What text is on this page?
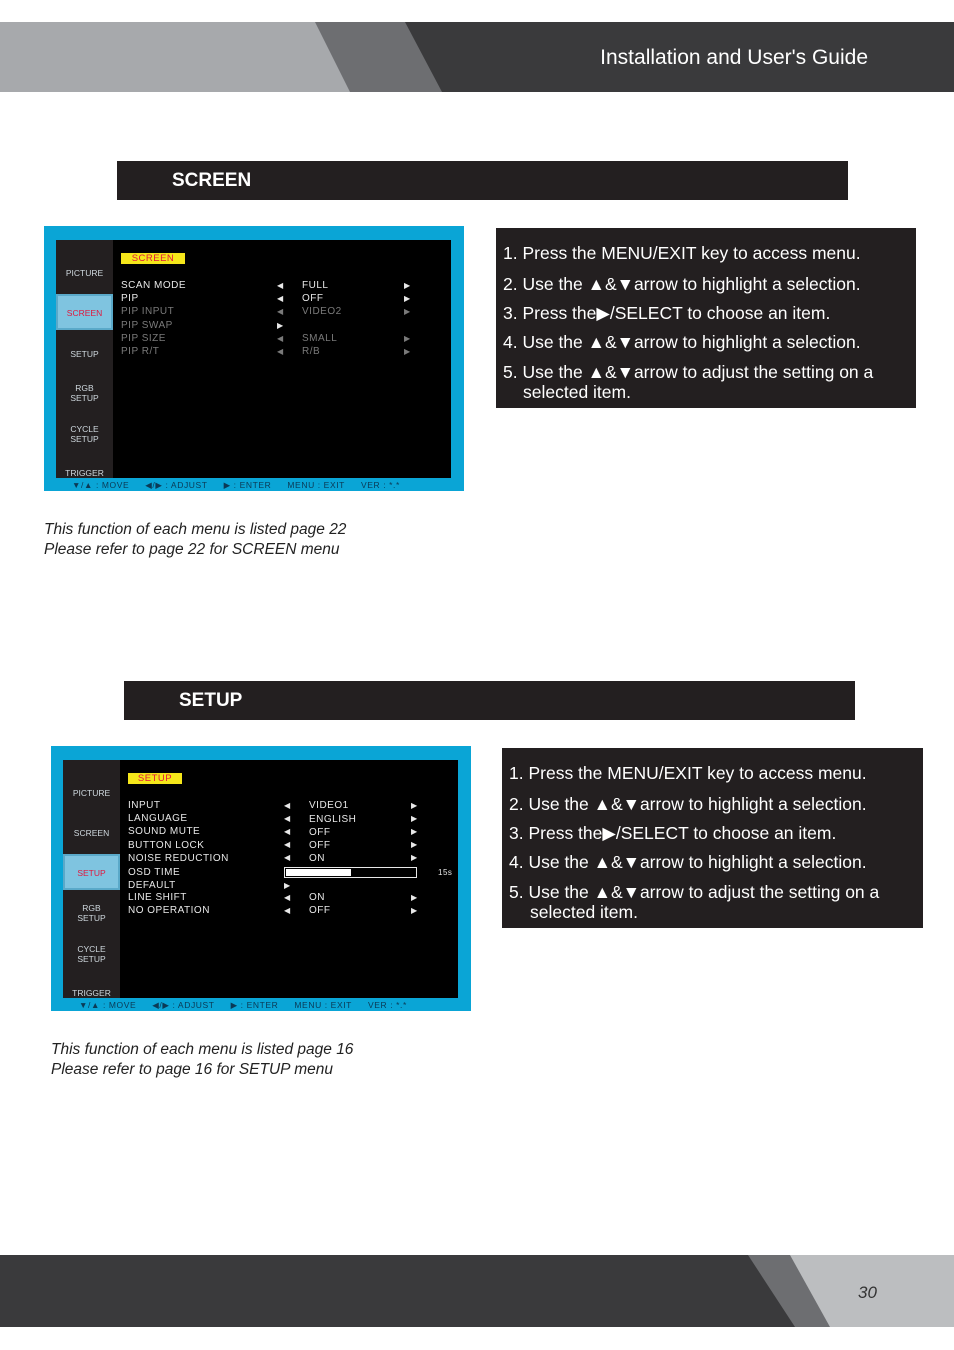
Installation and User's Guide
SCREEN
PICTURE
SCREEN
SETUP
RGB
SETUP
CYCLE
SETUP
TRIGGER
SCREEN
SCAN MODE	◀ FULL	▶
PIP	◀ OFF	▶
PIP INPUT	◀ VIDEO2	▶
PIP SWAP	▶
PIP SIZE	◀ SMALL	▶
PIP R/T	◀ R/B	▶
▼/▲ : MOVE ◀/▶ : ADJUST ▶ : ENTER MENU : EXIT VER : *.*
1. Press the MENU/EXIT key to access menu.
2. Use the ▲&▼arrow to highlight a selection.
3. Press the▶/SELECT to choose an item.
4. Use the ▲&▼arrow to highlight a selection.
5. Use the ▲&▼arrow to adjust the setting on a
selected item.
This function of each menu is listed page 22
Please refer to page 22 for SCREEN menu
SETUP
PICTURE
SCREEN
SETUP
RGB
SETUP
CYCLE
SETUP
TRIGGER
SETUP
INPUT	◀ VIDEO1	▶
LANGUAGE	◀ ENGLISH	▶
SOUND MUTE	◀ OFF	▶
BUTTON LOCK	◀ OFF	▶
NOISE REDUCTION	◀ ON	▶
OSD TIME	15s
DEFAULT	▶
LINE SHIFT	◀ ON	▶
NO OPERATION	◀ OFF	▶
▼/▲ : MOVE ◀/▶ : ADJUST ▶ : ENTER MENU : EXIT VER : *.*
1. Press the MENU/EXIT key to access menu.
2. Use the ▲&▼arrow to highlight a selection.
3. Press the▶/SELECT to choose an item.
4. Use the ▲&▼arrow to highlight a selection.
5. Use the ▲&▼arrow to adjust the setting on a
selected item.
This function of each menu is listed page 16
Please refer to page 16 for SETUP menu
30
